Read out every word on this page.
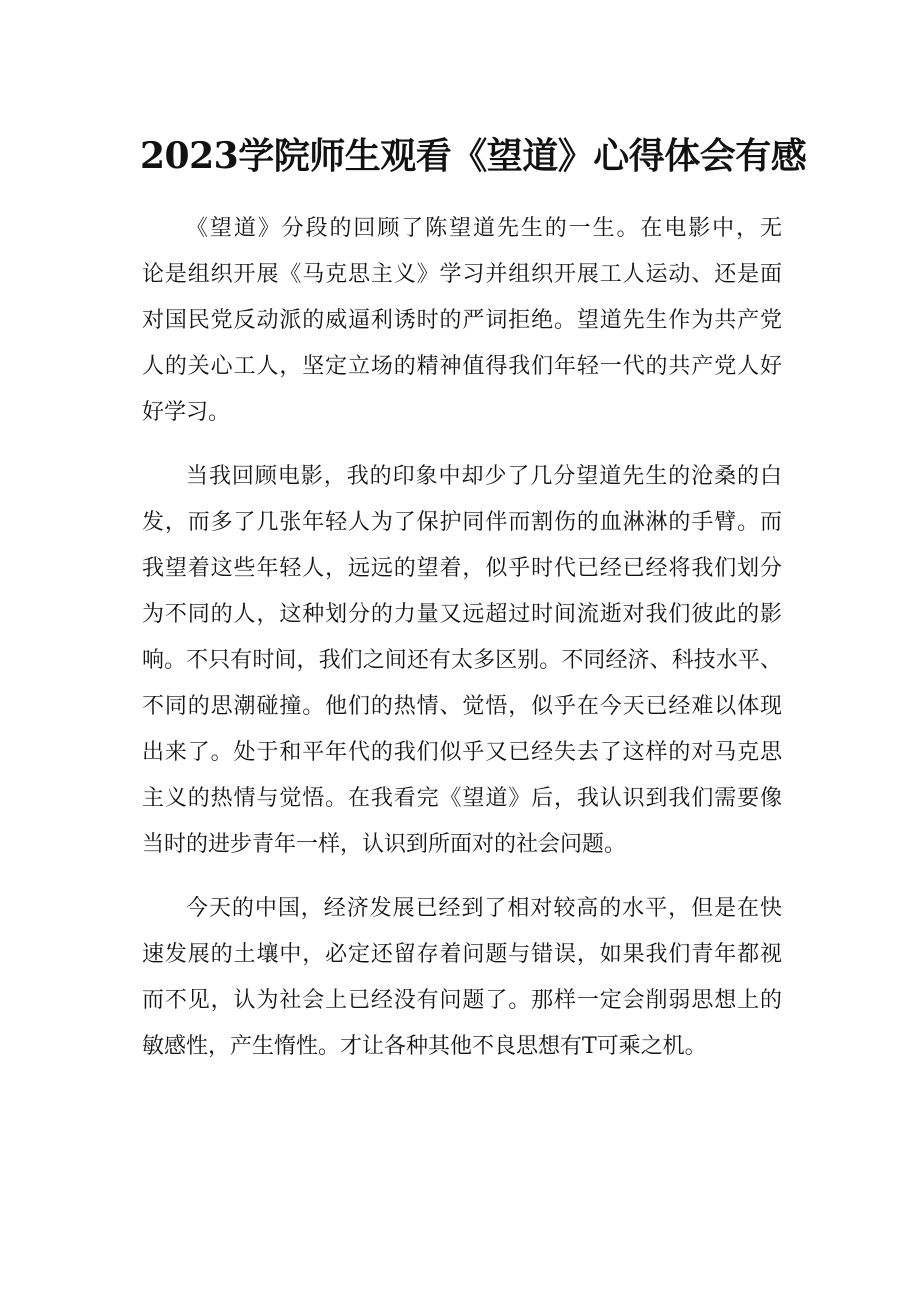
2023学院师生观看《望道》心得体会有感

《望道》分段的回顾了陈望道先生的一生。在电影中，无
论是组织开展《马克思主义》学习并组织开展工人运动、还是面
对国民党反动派的威逼利诱时的严词拒绝。望道先生作为共产党
人的关心工人，坚定立场的精神值得我们年轻一代的共产党人好
好学习。

当我回顾电影，我的印象中却少了几分望道先生的沧桑的白
发，而多了几张年轻人为了保护同伴而割伤的血淋淋的手臂。而
我望着这些年轻人，远远的望着，似乎时代已经已经将我们划分
为不同的人，这种划分的力量又远超过时间流逝对我们彼此的影
响。不只有时间，我们之间还有太多区别。不同经济、科技水平、
不同的思潮碰撞。他们的热情、觉悟，似乎在今天已经难以体现
出来了。处于和平年代的我们似乎又已经失去了这样的对马克思
主义的热情与觉悟。在我看完《望道》后，我认识到我们需要像
当时的进步青年一样，认识到所面对的社会问题。

今天的中国，经济发展已经到了相对较高的水平，但是在快
速发展的土壤中，必定还留存着问题与错误，如果我们青年都视
而不见，认为社会上已经没有问题了。那样一定会削弱思想上的
敏感性，产生惰性。才让各种其他不良思想有T可乘之机。
